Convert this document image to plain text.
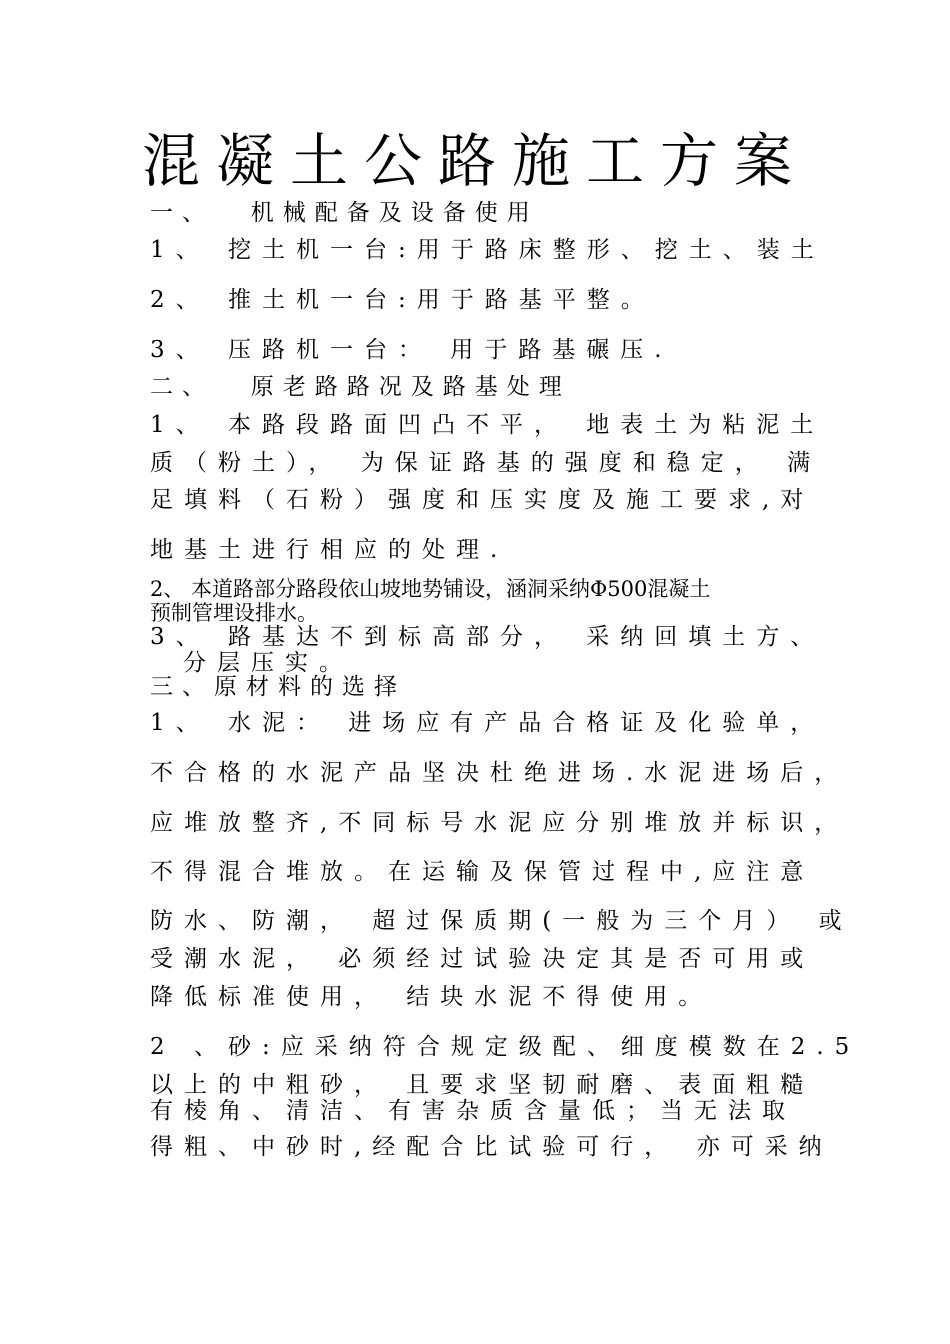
混凝土公路施工方案
一、　 机械配备及设备使用
1、 挖土机一台:用于路床整形、挖土、装土
2、 推土机一台:用于路基平整。
3、 压路机一台： 用于路基碾压.
二、　 原老路路况及路基处理
1、 本路段路面凹凸不平， 地表土为粘泥土
质（粉土）， 为保证路基的强度和稳定， 满
足填料（石粉）强度和压实度及施工要求,对
地基土进行相应的处理.
2、 本道路部分路段依山坡地势铺设，涵洞采纳Φ500混凝土
预制管埋设排水。
3、 路基达不到标高部分， 采纳回填土方、
分层压实。
三、原材料的选择
1、 水泥： 进场应有产品合格证及化验单，
不合格的水泥产品坚决杜绝进场.水泥进场后，
应堆放整齐,不同标号水泥应分别堆放并标识，
不得混合堆放。在运输及保管过程中,应注意
防水、防潮， 超过保质期(一般为三个月） 或
受潮水泥， 必须经过试验决定其是否可用或
降低标准使用， 结块水泥不得使用。
2 、砂:应采纳符合规定级配、细度模数在2.5
以上的中粗砂， 且要求坚韧耐磨、表面粗糙
有棱角、清洁、有害杂质含量低；当无法取
得粗、中砂时,经配合比试验可行， 亦可采纳
